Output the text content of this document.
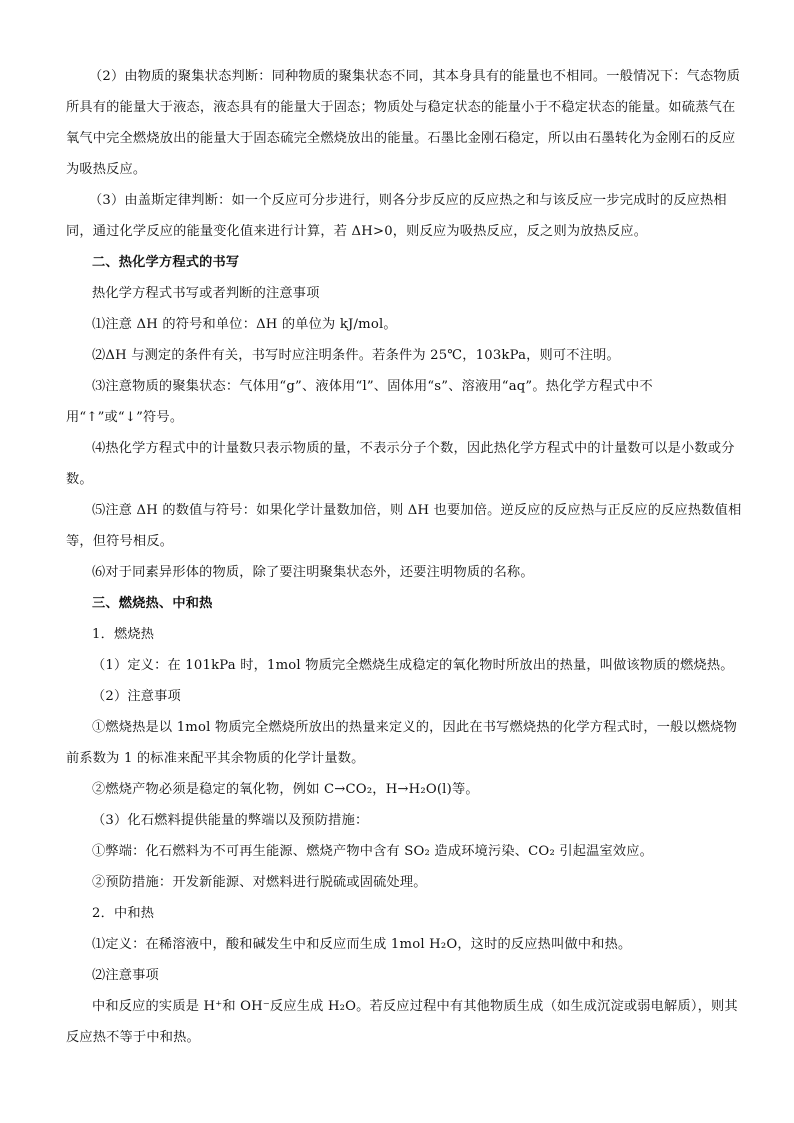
（2）由物质的聚集状态判断：同种物质的聚集状态不同，其本身具有的能量也不相同。一般情况下：气态物质所具有的能量大于液态，液态具有的能量大于固态；物质处与稳定状态的能量小于不稳定状态的能量。如硫蒸气在氧气中完全燃烧放出的能量大于固态硫完全燃烧放出的能量。石墨比金刚石稳定，所以由石墨转化为金刚石的反应为吸热反应。
（3）由盖斯定律判断：如一个反应可分步进行，则各分步反应的反应热之和与该反应一步完成时的反应热相同，通过化学反应的能量变化值来进行计算，若 ΔH>0，则反应为吸热反应，反之则为放热反应。
二、热化学方程式的书写
热化学方程式书写或者判断的注意事项
⑴注意 ΔH 的符号和单位：ΔH 的单位为 kJ/mol。
⑵ΔH 与测定的条件有关，书写时应注明条件。若条件为 25℃，103kPa，则可不注明。
⑶注意物质的聚集状态：气体用“g”、液体用“l”、固体用“s”、溶液用“aq”。热化学方程式中不用“↑”或“↓”符号。
⑷热化学方程式中的计量数只表示物质的量，不表示分子个数，因此热化学方程式中的计量数可以是小数或分数。
⑸注意 ΔH 的数值与符号：如果化学计量数加倍，则 ΔH 也要加倍。逆反应的反应热与正反应的反应热数值相等，但符号相反。
⑹对于同素异形体的物质，除了要注明聚集状态外，还要注明物质的名称。
三、燃烧热、中和热
1．燃烧热
（1）定义：在 101kPa 时，1mol 物质完全燃烧生成稳定的氧化物时所放出的热量，叫做该物质的燃烧热。
（2）注意事项
①燃烧热是以 1mol 物质完全燃烧所放出的热量来定义的，因此在书写燃烧热的化学方程式时，一般以燃烧物前系数为 1 的标准来配平其余物质的化学计量数。
②燃烧产物必须是稳定的氧化物，例如 C→CO₂，H→H₂O(l)等。
（3）化石燃料提供能量的弊端以及预防措施：
①弊端：化石燃料为不可再生能源、燃烧产物中含有 SO₂ 造成环境污染、CO₂ 引起温室效应。
②预防措施：开发新能源、对燃料进行脱硫或固硫处理。
2．中和热
⑴定义：在稀溶液中，酸和碱发生中和反应而生成 1mol H₂O，这时的反应热叫做中和热。
⑵注意事项
中和反应的实质是 H⁺和 OH⁻反应生成 H₂O。若反应过程中有其他物质生成（如生成沉淀或弱电解质），则其反应热不等于中和热。
